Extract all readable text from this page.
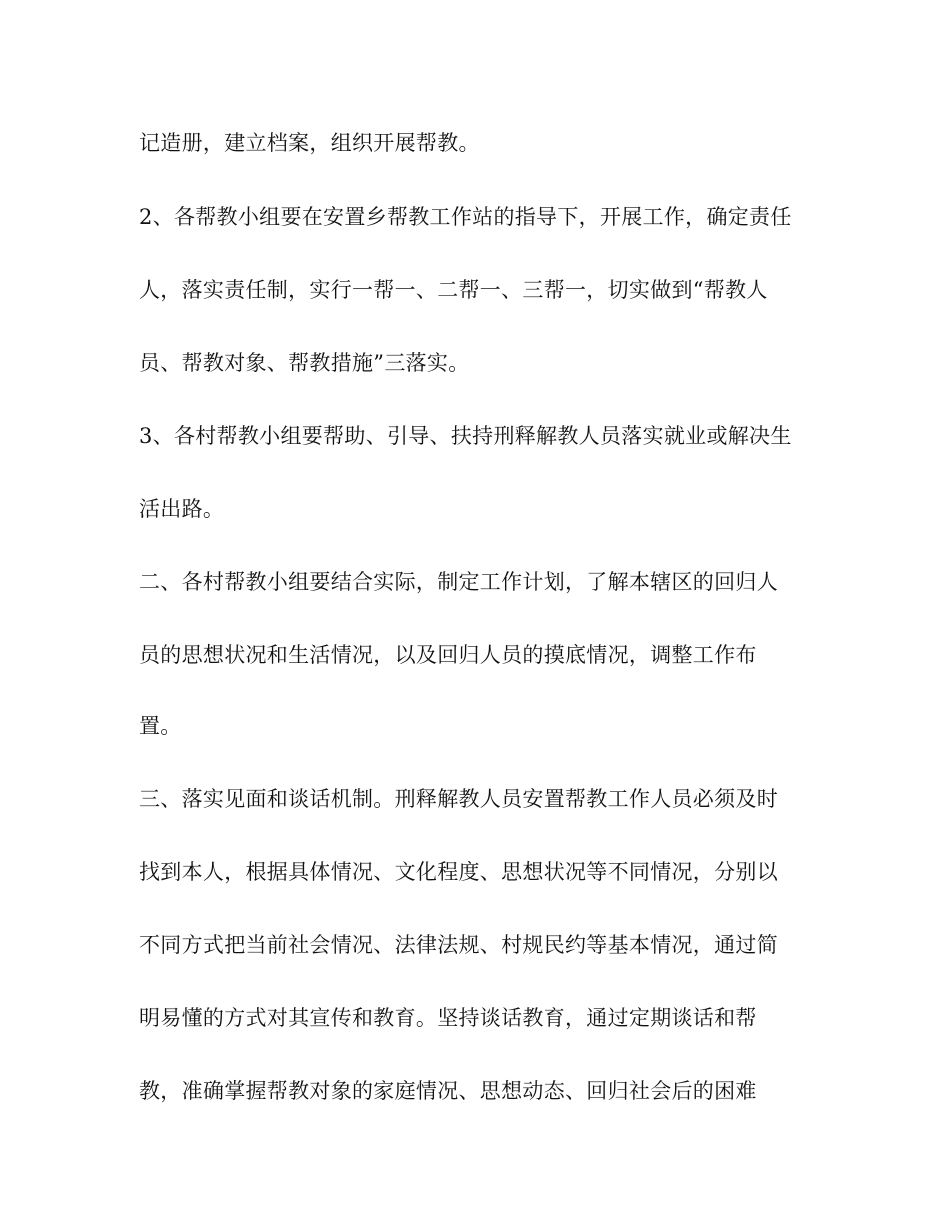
记造册，建立档案，组织开展帮教。

2、各帮教小组要在安置乡帮教工作站的指导下，开展工作，确定责任

人，落实责任制，实行一帮一、二帮一、三帮一，切实做到“帮教人

员、帮教对象、帮教措施”三落实。

3、各村帮教小组要帮助、引导、扶持刑释解教人员落实就业或解决生

活出路。

二、各村帮教小组要结合实际，制定工作计划，了解本辖区的回归人

员的思想状况和生活情况，以及回归人员的摸底情况，调整工作布

置。

三、落实见面和谈话机制。刑释解教人员安置帮教工作人员必须及时

找到本人，根据具体情况、文化程度、思想状况等不同情况，分别以

不同方式把当前社会情况、法律法规、村规民约等基本情况，通过简

明易懂的方式对其宣传和教育。坚持谈话教育，通过定期谈话和帮

教，准确掌握帮教对象的家庭情况、思想动态、回归社会后的困难
